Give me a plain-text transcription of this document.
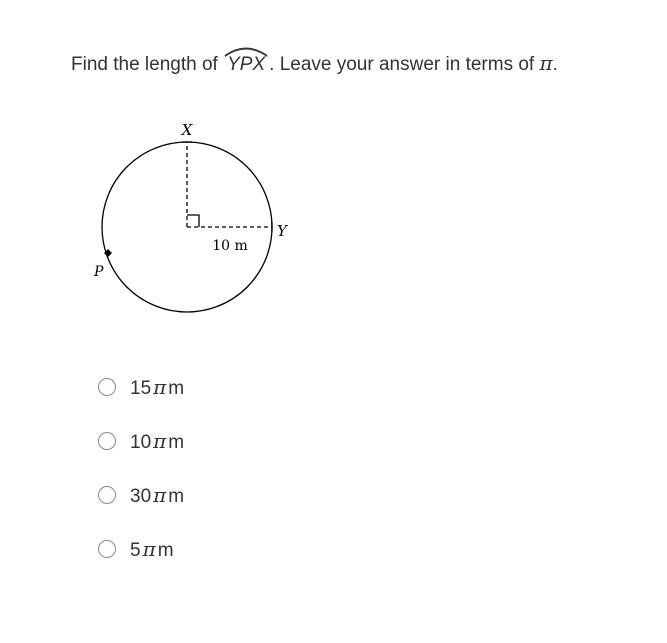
Find the length of
YPX . Leave your answer in terms of π.
X
Y
P
10 m
15 π m
10 π m
30 π m
5 π m
